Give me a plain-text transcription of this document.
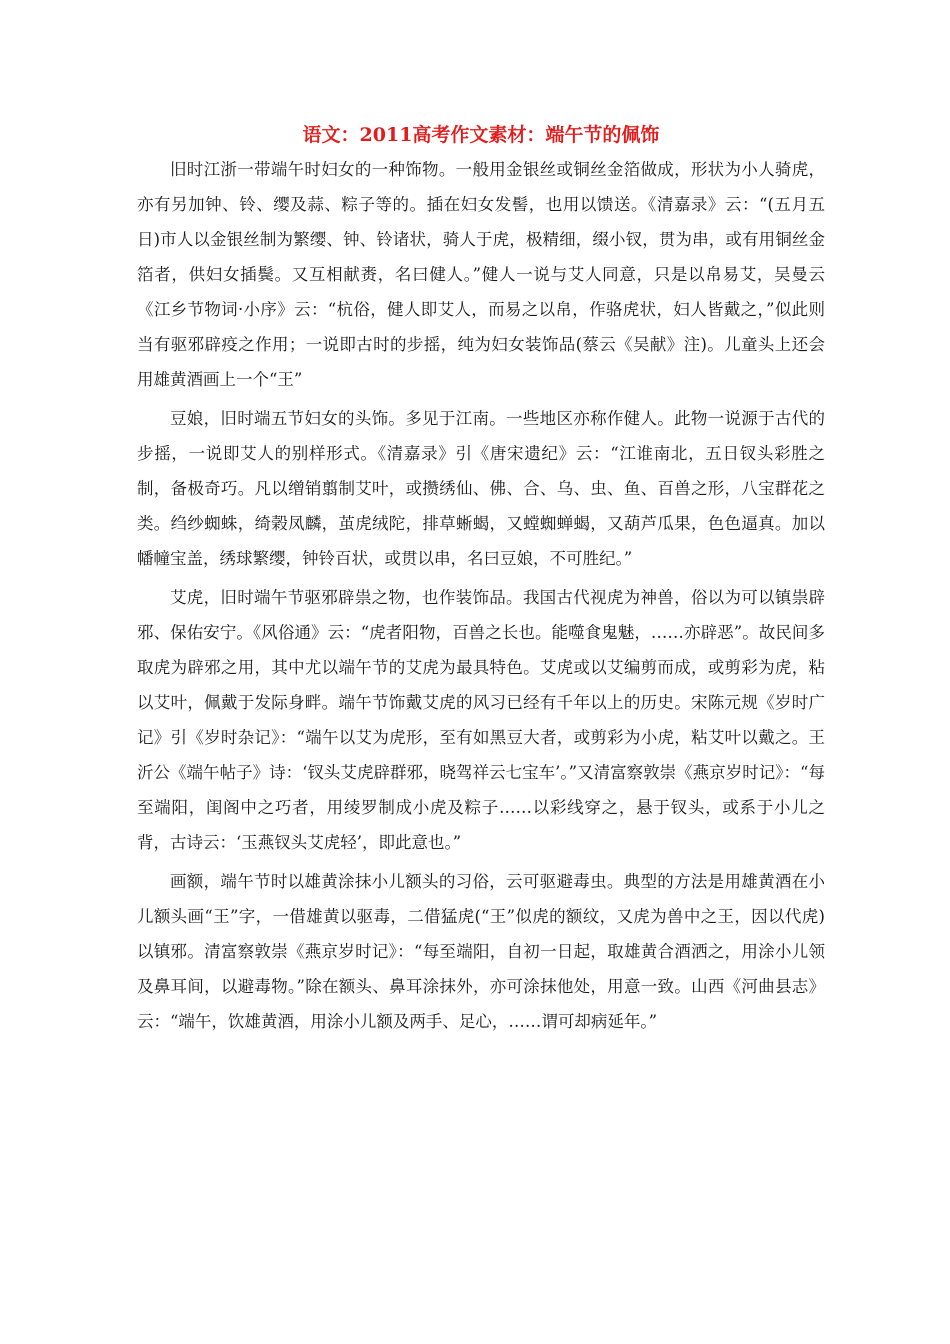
语文：2011高考作文素材：端午节的佩饰

旧时江浙一带端午时妇女的一种饰物。一般用金银丝或铜丝金箔做成，形状为小人骑虎，亦有另加钟、铃、缨及蒜、粽子等的。插在妇女发髻，也用以馈送。《清嘉录》云：“(五月五日)市人以金银丝制为繁缨、钟、铃诸状，骑人于虎，极精细，缀小钗，贯为串，或有用铜丝金箔者，供妇女插鬓。又互相献赉，名曰健人。”健人一说与艾人同意，只是以帛易艾，吴曼云《江乡节物词·小序》云：“杭俗，健人即艾人，而易之以帛，作骆虎状，妇人皆戴之，”似此则当有驱邪辟疫之作用；一说即古时的步摇，纯为妇女装饰品(蔡云《吴献》注)。儿童头上还会用雄黄酒画上一个“王”

豆娘，旧时端五节妇女的头饰。多见于江南。一些地区亦称作健人。此物一说源于古代的步摇，一说即艾人的别样形式。《清嘉录》引《唐宋遗纪》云：“江谁南北，五日钗头彩胜之制，备极奇巧。凡以缯销翦制艾叶，或攒绣仙、佛、合、乌、虫、鱼、百兽之形，八宝群花之类。绉纱蜘蛛，绮榖凤麟，茧虎绒陀，排草蜥蝎，又螳蜘蝉蝎，又葫芦瓜果，色色逼真。加以幡幢宝盖，绣球繁缨，钟铃百状，或贯以串，名曰豆娘，不可胜纪。”

艾虎，旧时端午节驱邪辟祟之物，也作装饰品。我国古代视虎为神兽，俗以为可以镇祟辟邪、保佑安宁。《风俗通》云：“虎者阳物，百兽之长也。能噬食鬼魅，……亦辟恶”。故民间多取虎为辟邪之用，其中尤以端午节的艾虎为最具特色。艾虎或以艾编剪而成，或剪彩为虎，粘以艾叶，佩戴于发际身畔。端午节饰戴艾虎的风习已经有千年以上的历史。宋陈元规《岁时广记》引《岁时杂记》：“端午以艾为虎形，至有如黑豆大者，或剪彩为小虎，粘艾叶以戴之。王沂公《端午帖子》诗：‘钗头艾虎辟群邪，晓驾祥云七宝车’。”又清富察敦崇《燕京岁时记》：“每至端阳，闺阁中之巧者，用绫罗制成小虎及粽子……以彩线穿之，悬于钗头，或系于小儿之背，古诗云：‘玉燕钗头艾虎轻’，即此意也。”

画额，端午节时以雄黄涂抹小儿额头的习俗，云可驱避毒虫。典型的方法是用雄黄酒在小儿额头画“王”字，一借雄黄以驱毒，二借猛虎(“王”似虎的额纹，又虎为兽中之王，因以代虎)以镇邪。清富察敦崇《燕京岁时记》：“每至端阳，自初一日起，取雄黄合酒洒之，用涂小儿领及鼻耳间，以避毒物。”除在额头、鼻耳涂抹外，亦可涂抹他处，用意一致。山西《河曲县志》云：“端午，饮雄黄酒，用涂小儿额及两手、足心，……谓可却病延年。”
